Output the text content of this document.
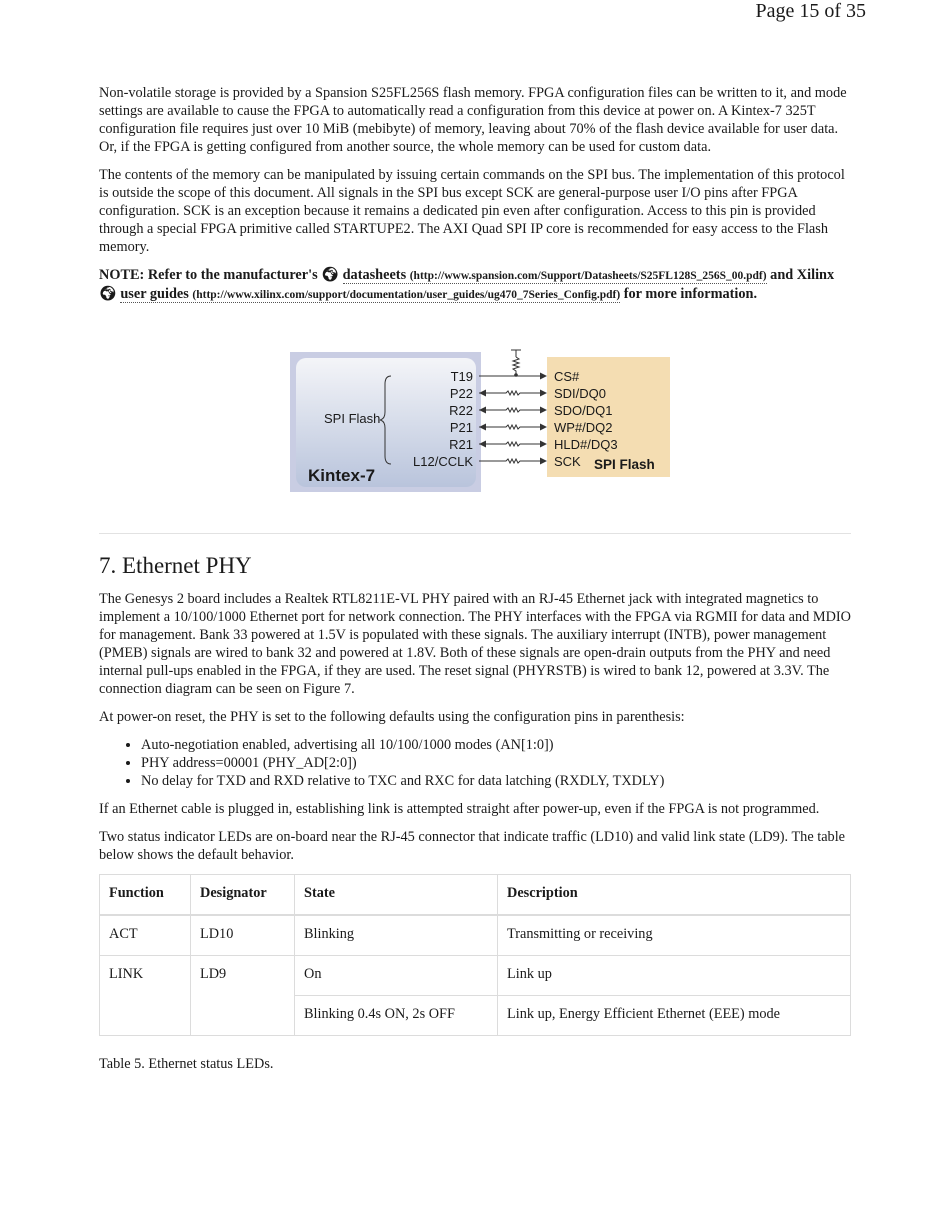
Page 15 of 35

Non-volatile storage is provided by a Spansion S25FL256S flash memory. FPGA configuration files can be written to it, and mode settings are available to cause the FPGA to automatically read a configuration from this device at power on. A Kintex-7 325T configuration file requires just over 10 MiB (mebibyte) of memory, leaving about 70% of the flash device available for user data. Or, if the FPGA is getting configured from another source, the whole memory can be used for custom data.

The contents of the memory can be manipulated by issuing certain commands on the SPI bus. The implementation of this protocol is outside the scope of this document. All signals in the SPI bus except SCK are general-purpose user I/O pins after FPGA configuration. SCK is an exception because it remains a dedicated pin even after configuration. Access to this pin is provided through a special FPGA primitive called STARTUPE2. The AXI Quad SPI IP core is recommended for easy access to the Flash memory.

NOTE: Refer to the manufacturer's 🌍︎ datasheets (http://www.spansion.com/Support/Datasheets/S25FL128S_256S_00.pdf) and Xilinx 🌍︎ user guides (http://www.xilinx.com/support/documentation/user_guides/ug470_7Series_Config.pdf) for more information.
Kintex-7
SPI Flash
SPI Flash
T19
P22
R22
P21
R21
L12/CCLK
CS#
SDI/DQ0
SDO/DQ1
WP#/DQ2
HLD#/DQ3
SCK
7. Ethernet PHY

The Genesys 2 board includes a Realtek RTL8211E-VL PHY paired with an RJ-45 Ethernet jack with integrated magnetics to implement a 10/100/1000 Ethernet port for network connection. The PHY interfaces with the FPGA via RGMII for data and MDIO for management. Bank 33 powered at 1.5V is populated with these signals. The auxiliary interrupt (INTB), power management (PMEB) signals are wired to bank 32 and powered at 1.8V. Both of these signals are open-drain outputs from the PHY and need internal pull-ups enabled in the FPGA, if they are used. The reset signal (PHYRSTB) is wired to bank 12, powered at 3.3V. The connection diagram can be seen on Figure 7.

At power-on reset, the PHY is set to the following defaults using the configuration pins in parenthesis:

• Auto-negotiation enabled, advertising all 10/100/1000 modes (AN[1:0])
• PHY address=00001 (PHY_AD[2:0])
• No delay for TXD and RXD relative to TXC and RXC for data latching (RXDLY, TXDLY)

If an Ethernet cable is plugged in, establishing link is attempted straight after power-up, even if the FPGA is not programmed.

Two status indicator LEDs are on-board near the RJ-45 connector that indicate traffic (LD10) and valid link state (LD9). The table below shows the default behavior.

Function	Designator	State	Description
ACT	LD10	Blinking	Transmitting or receiving
LINK	LD9	On	Link up
		Blinking 0.4s ON, 2s OFF	Link up, Energy Efficient Ethernet (EEE) mode
Table 5. Ethernet status LEDs.
